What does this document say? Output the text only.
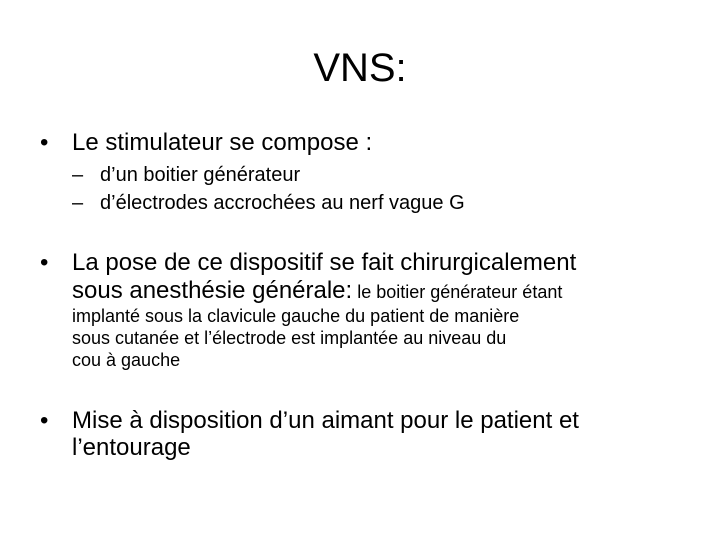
VNS:
• Le stimulateur se compose :
– d’un boitier générateur
– d’électrodes accrochées au nerf vague G
• La pose de ce dispositif se fait chirurgicalement
sous anesthésie générale: le boitier générateur étant
implanté sous la clavicule gauche du patient de manière
sous cutanée et l’électrode est implantée au niveau du
cou à gauche
• Mise à disposition d’un aimant pour le patient et
l’entourage
